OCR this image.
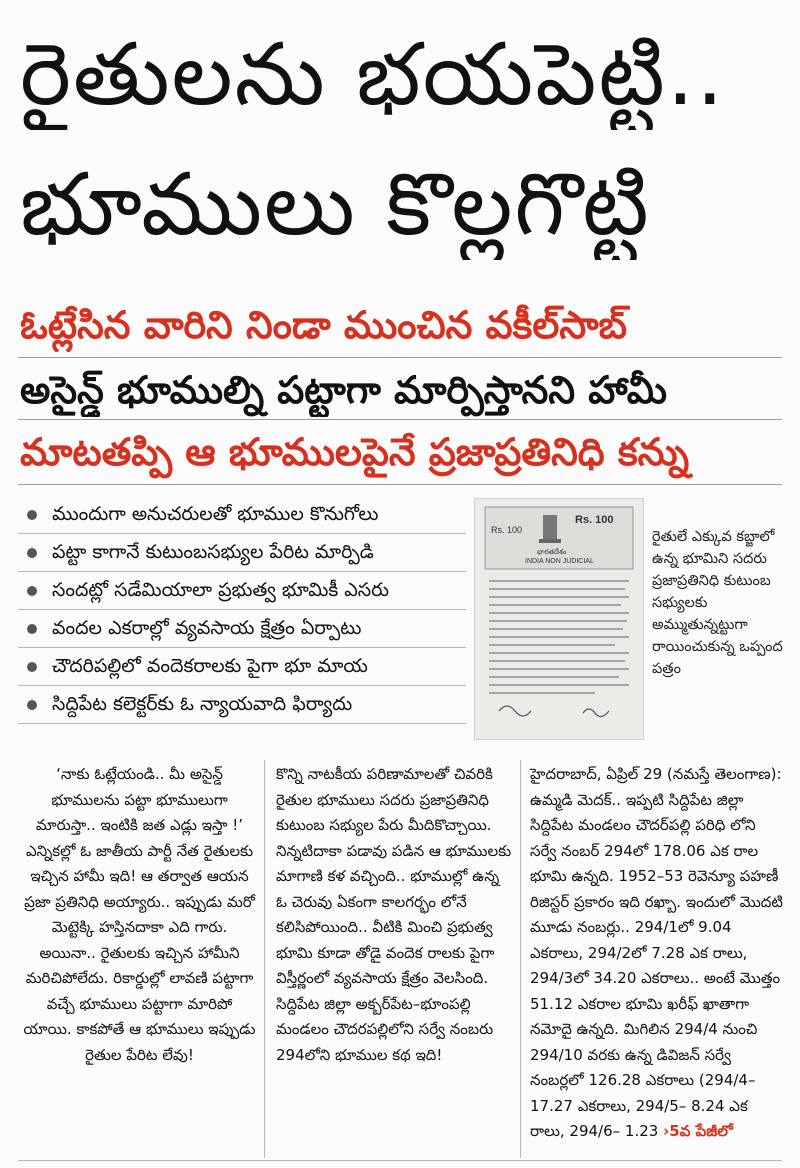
రైతులను భయపెట్టి..
భూములు కొల్లగొట్టి
ఓట్లేసిన వారిని నిండా ముంచిన వకీల్‌సాబ్
అసైన్డ్ భూముల్ని పట్టాగా మార్పిస్తానని హామీ
మాటతప్పి ఆ భూములపైనే ప్రజాప్రతినిధి కన్ను
ముందుగా అనుచరులతో భూముల కొనుగోలు
పట్టా కాగానే కుటుంబసభ్యుల పేరిట మార్పిడి
సందట్లో సడేమియాలా ప్రభుత్వ భూమికీ ఎసరు
వందల ఎకరాల్లో వ్యవసాయ క్షేత్రం ఏర్పాటు
చౌదరిపల్లిలో వందెకరాలకు పైగా భూ మాయ
సిద్దిపేట కలెక్టర్‌కు ఓ న్యాయవాది ఫిర్యాదు
Rs. 100
Rs. 100
భారతదేశం
INDIA NON JUDICIAL

రైతులే ఎక్కువ కబ్జాలో ఉన్న భూమిని సదరు ప్రజాప్రతినిధి కుటుంబ సభ్యులకు అమ్ముతున్నట్టుగా రాయించుకున్న ఒప్పంద పత్రం

‘నాకు ఓట్లేయండి.. మీ అసైన్డ్ భూములను పట్టా భూములుగా మారుస్తా.. ఇంటికి జత ఎడ్లు ఇస్తా !’ ఎన్నికల్లో ఓ జాతీయ పార్టీ నేత రైతులకు ఇచ్చిన హామీ ఇది! ఆ తర్వాత ఆయన ప్రజా ప్రతినిధి అయ్యారు.. ఇప్పుడు మరో మెట్టెక్కి హస్తినదాకా ఎది గారు. అయినా.. రైతులకు ఇచ్చిన హామీని మరిచిపోలేదు. రికార్డుల్లో లావణి పట్టాగా వచ్చే భూములు పట్టాగా మారిపో యాయి. కాకపోతే ఆ భూములు ఇప్పుడు రైతుల పేరిట లేవు!

కొన్ని నాటకీయ పరిణామాలతో చివరికి రైతుల భూములు సదరు ప్రజాప్రతినిధి కుటుంబ సభ్యుల పేరు మీదికొచ్చాయి. నిన్నటిదాకా పడావు పడిన ఆ భూములకు మాగాణి కళ వచ్చింది.. భూముల్లో ఉన్న ఓ చెరువు ఏకంగా కాలగర్భం లోనే కలిసిపోయింది.. వీటికి మించి ప్రభుత్వ భూమి కూడా తోడై వందెక రాలకు పైగా విస్తీర్ణంలో వ్యవసాయ క్షేత్రం వెలసింది. సిద్దిపేట జిల్లా అక్బర్‌పేట–భూంపల్లి మండలం చౌదరపల్లిలోని సర్వే నంబరు 294లోని భూముల కథ ఇది!

హైదరాబాద్, ఏప్రిల్ 29 (నమస్తే తెలంగాణ): ఉమ్మడి మెదక్.. ఇప్పటి సిద్దిపేట జిల్లా సిద్దిపేట మండలం చౌదర్‌పల్లి పరిధి లోని సర్వే నంబర్ 294లో 178.06 ఎక రాల భూమి ఉన్నది. 1952–53 రెవెన్యూ పహణీ రిజిస్టర్ ప్రకారం ఇది రఖ్బా. ఇందులో మొదటి మూడు నంబర్లు.. 294/1లో 9.04 ఎకరాలు, 294/2లో 7.28 ఎక రాలు, 294/3లో 34.20 ఎకరాలు.. అంటే మొత్తం 51.12 ఎకరాల భూమి ఖరీఫ్ ఖాతాగా నమోదై ఉన్నది. మిగిలిన 294/4 నుంచి 294/10 వరకు ఉన్న డివిజన్ సర్వే నంబర్లలో 126.28 ఎకరాలు (294/4– 17.27 ఎకరాలు, 294/5– 8.24 ఎక రాలు, 294/6– 1.23 ›5వ పేజీలో
